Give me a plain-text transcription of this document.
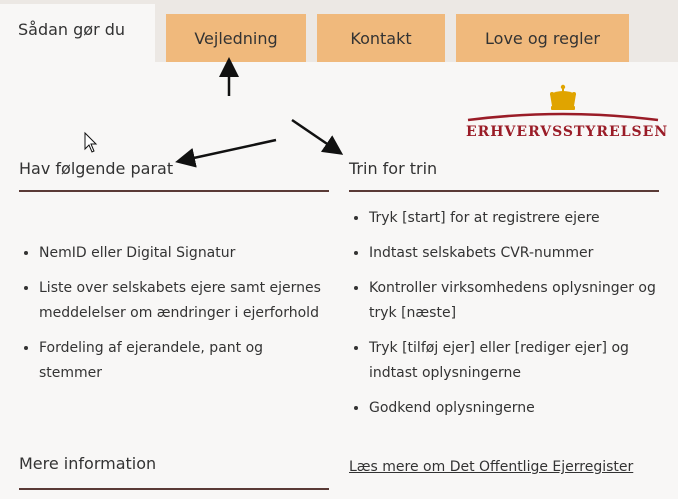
Sådan gør du	Vejledning	Kontakt	Love og regler
ERHVERVSSTYRELSEN
Hav følgende parat
• NemID eller Digital Signatur
• Liste over selskabets ejere samt ejernes meddelelser om ændringer i ejerforhold
• Fordeling af ejerandele, pant og stemmer
Trin for trin
• Tryk [start] for at registrere ejere
• Indtast selskabets CVR-nummer
• Kontroller virksomhedens oplysninger og tryk [næste]
• Tryk [tilføj ejer] eller [rediger ejer] og indtast oplysningerne
• Godkend oplysningerne
Mere information	Læs mere om Det Offentlige Ejerregister
